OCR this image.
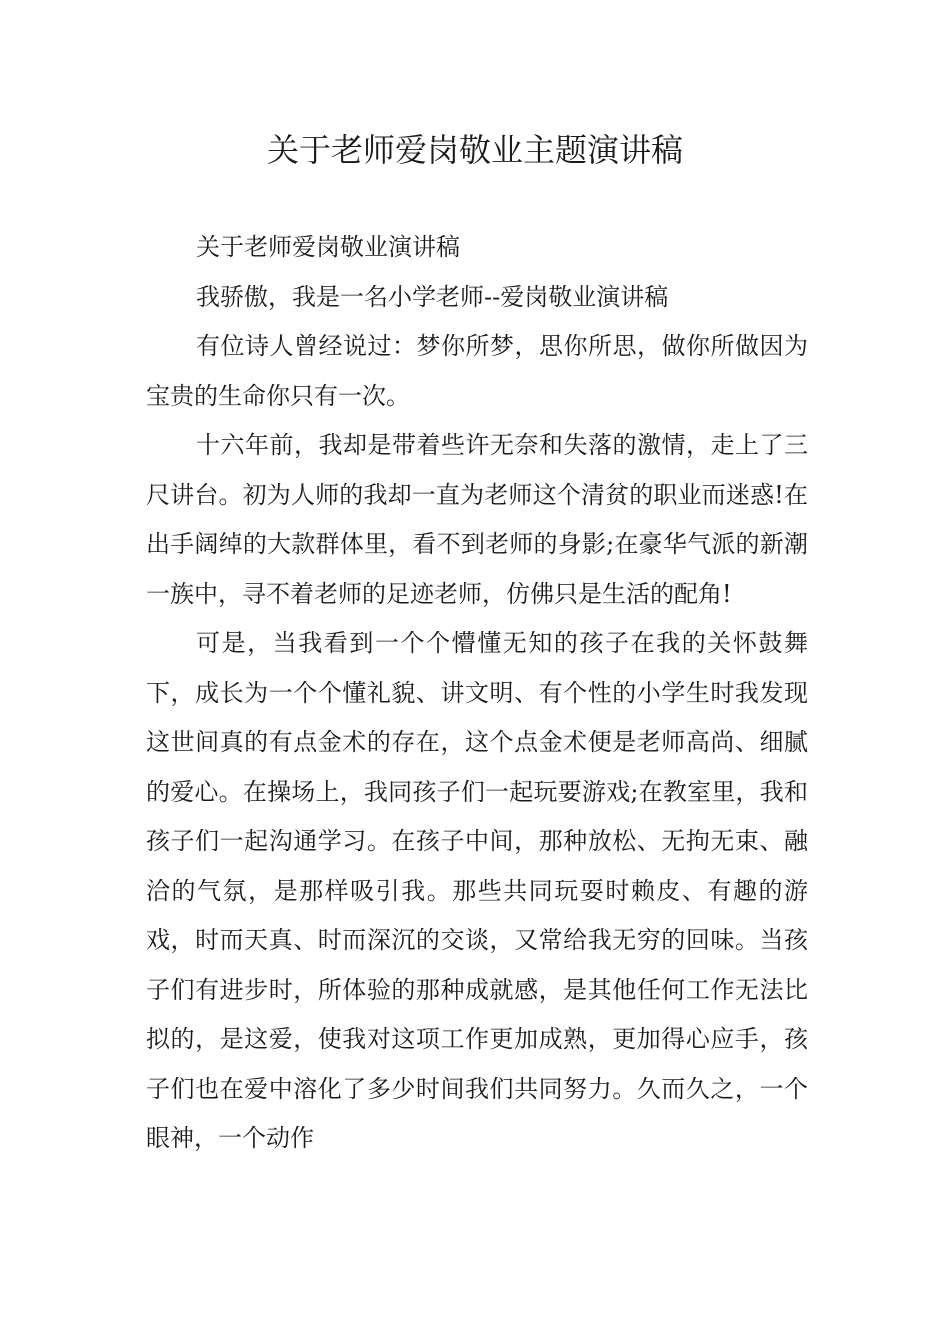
关于老师爱岗敬业主题演讲稿

关于老师爱岗敬业演讲稿

我骄傲，我是一名小学老师--爱岗敬业演讲稿

有位诗人曾经说过：梦你所梦，思你所思，做你所做因为宝贵的生命你只有一次。

十六年前，我却是带着些许无奈和失落的激情，走上了三尺讲台。初为人师的我却一直为老师这个清贫的职业而迷惑!在出手阔绰的大款群体里，看不到老师的身影;在豪华气派的新潮一族中，寻不着老师的足迹老师，仿佛只是生活的配角!

可是，当我看到一个个懵懂无知的孩子在我的关怀鼓舞下，成长为一个个懂礼貌、讲文明、有个性的小学生时我发现这世间真的有点金术的存在，这个点金术便是老师高尚、细腻的爱心。在操场上，我同孩子们一起玩要游戏;在教室里，我和孩子们一起沟通学习。在孩子中间，那种放松、无拘无束、融洽的气氛，是那样吸引我。那些共同玩耍时赖皮、有趣的游戏，时而天真、时而深沉的交谈，又常给我无穷的回味。当孩子们有进步时，所体验的那种成就感，是其他任何工作无法比拟的，是这爱，使我对这项工作更加成熟，更加得心应手，孩子们也在爱中溶化了多少时间我们共同努力。久而久之，一个眼神，一个动作
